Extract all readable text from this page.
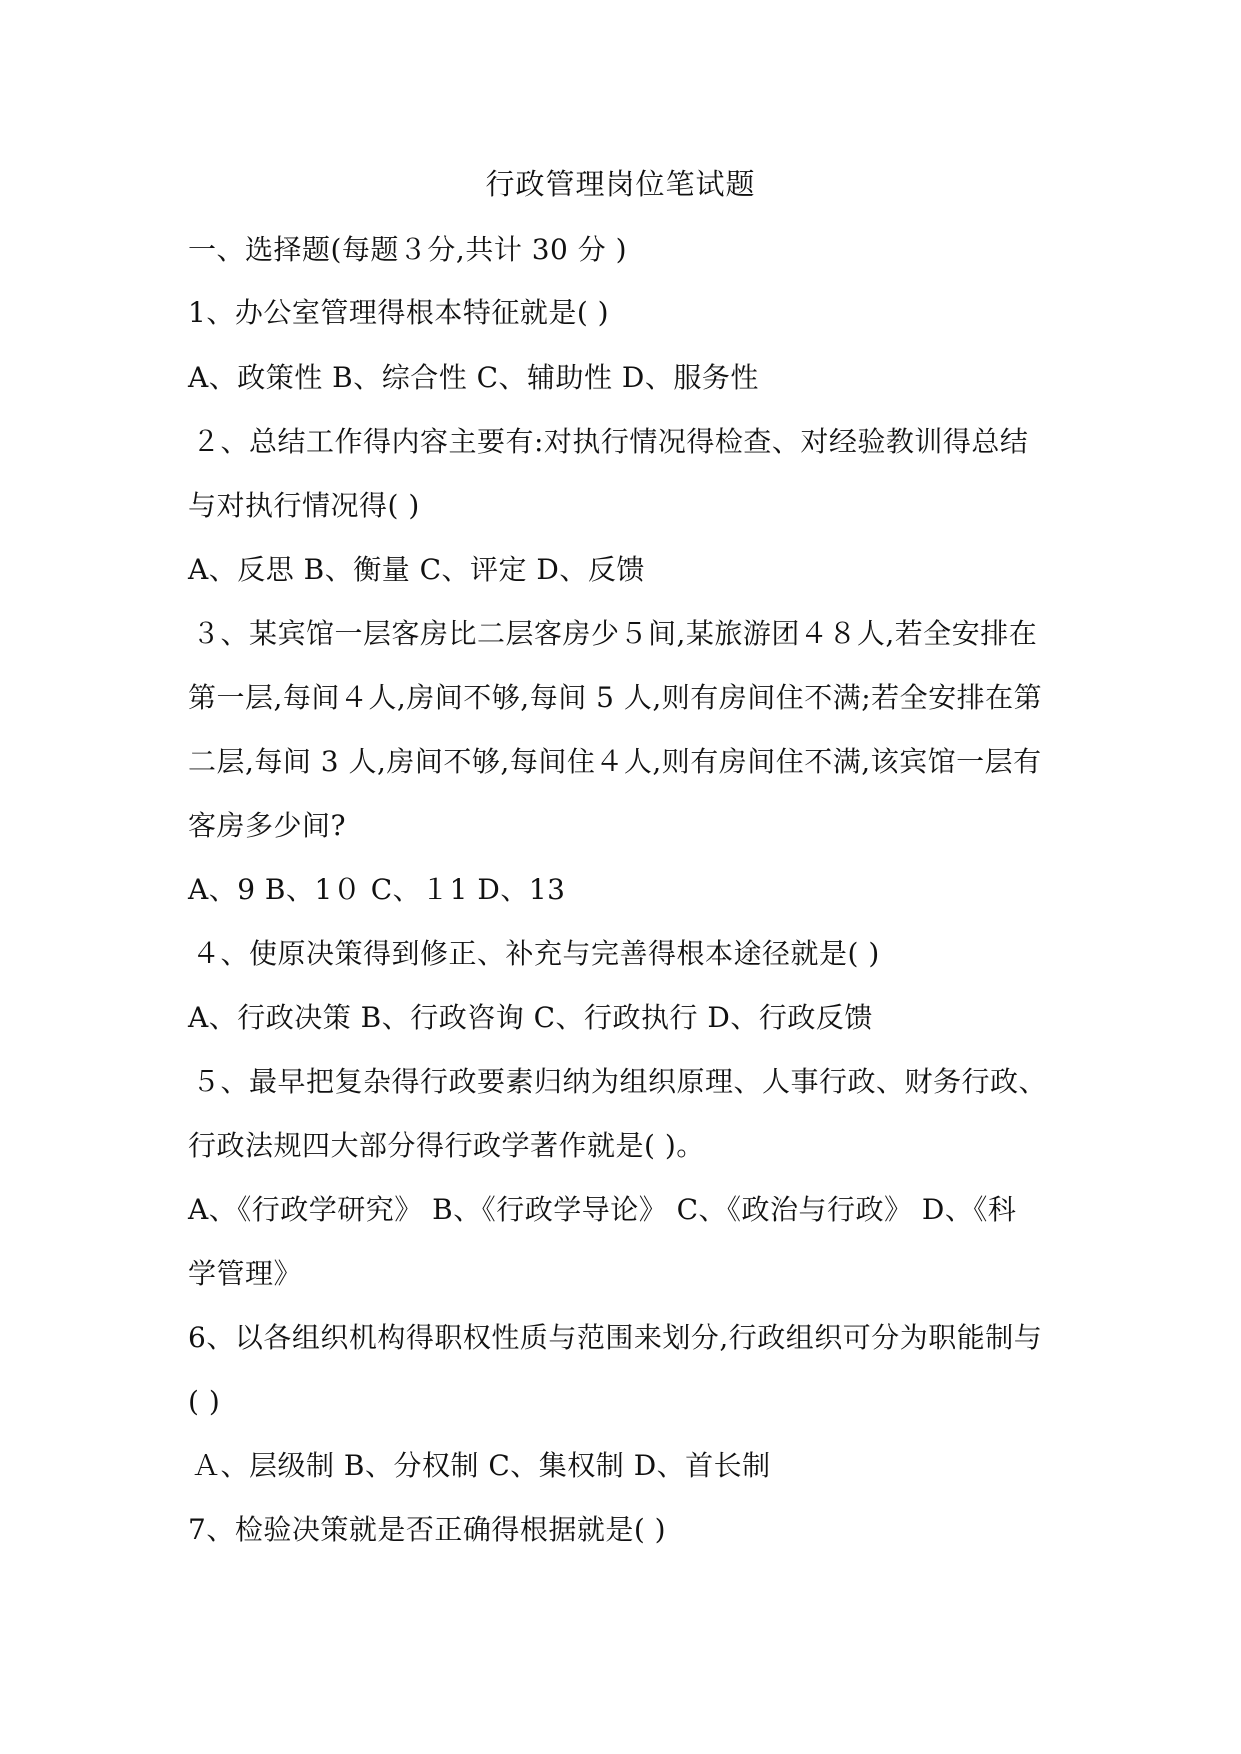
行政管理岗位笔试题
一、选择题(每题３分,共计 30 分 )
1、办公室管理得根本特征就是( )
A、政策性 B、综合性 C、辅助性 D、服务性
２、总结工作得内容主要有:对执行情况得检查、对经验教训得总结
与对执行情况得( )
A、反思 B、衡量 C、评定 D、反馈
３、某宾馆一层客房比二层客房少５间,某旅游团４８人,若全安排在
第一层,每间４人,房间不够,每间 5 人,则有房间住不满;若全安排在第
二层,每间 3 人,房间不够,每间住４人,则有房间住不满,该宾馆一层有
客房多少间?
A、9 B、1０ C、１1 D、13
４、使原决策得到修正、补充与完善得根本途径就是( )
A、行政决策 B、行政咨询 C、行政执行 D、行政反馈
５、最早把复杂得行政要素归纳为组织原理、人事行政、财务行政、
行政法规四大部分得行政学著作就是( )。
A、《行政学研究》 B、《行政学导论》 C、《政治与行政》 D、《科
学管理》
6、以各组织机构得职权性质与范围来划分,行政组织可分为职能制与
( )
Ａ、层级制 B、分权制 C、集权制 D、首长制
7、检验决策就是否正确得根据就是( )
